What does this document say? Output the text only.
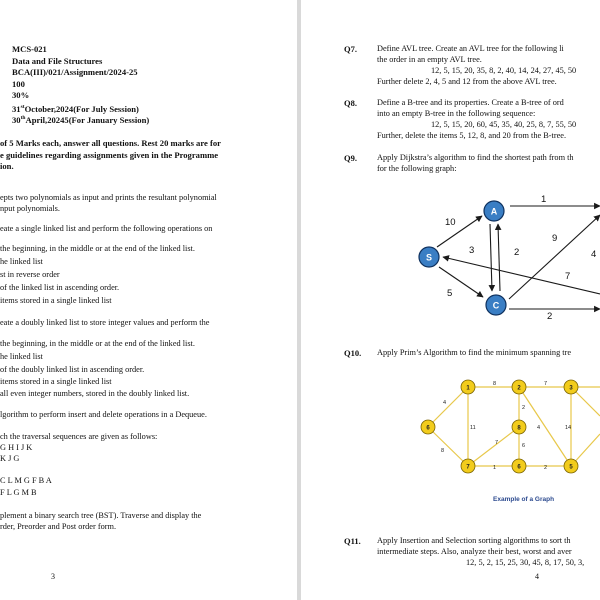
MCS-021
Data and File Structures
BCA(III)/021/Assignment/2024-25
100
30%
31stOctober,2024(For July Session)
30thApril,20245(For January Session)
of 5 Marks each, answer all questions. Rest 20 marks are for
e guidelines regarding assignments given in the Programme
ion.
epts two polynomials as input and prints the resultant polynomial
nput polynomials.
eate a single linked list and perform the following operations on
the beginning, in the middle or at the end of the linked list.
he linked list
st in reverse order
of the linked list in ascending order.
items stored in a single linked list
eate a doubly linked list to store integer values and perform the
the beginning, in the middle or at the end of the linked list.
he linked list
of the doubly linked list in ascending order.
items stored in a single linked list
all even integer numbers, stored in the doubly linked list.
lgorithm to perform insert and delete operations in a Dequeue.
ch the traversal sequences are given as follows:
G H I J K
K J G
C L M G F B A
F L G M B
plement a binary search tree (BST). Traverse and display the
rder, Preorder and Post order form.
3
Q7. Define AVL tree. Create an AVL tree for the following li
the order in an empty AVL tree.
12, 5, 15, 20, 35, 8, 2, 40, 14, 24, 27, 45, 50
Further delete 2, 4, 5 and 12 from the above AVL tree.
Q8. Define a B-tree and its properties. Create a B-tree of ord
into an empty B-tree in the following sequence:
12, 5, 15, 20, 60, 45, 35, 40, 25, 8, 7, 55, 50
Further, delete the items 5, 12, 8, and 20 from the B-tree.
Q9. Apply Dijkstra’s algorithm to find the shortest path from th
for the following graph:
10
1
9
3	2	4
7
5
2
S
A
C
Q10. Apply Prim’s Algorithm to find the minimum spanning tre
8	7
4
2
11	4	14
7	6
8
1	2
1	2	3
6	8
7	6	5
Example of a Graph
Q11. Apply Insertion and Selection sorting algorithms to sort th
intermediate steps. Also, analyze their best, worst and aver
12, 5, 2, 15, 25, 30, 45, 8, 17, 50, 3,
4
